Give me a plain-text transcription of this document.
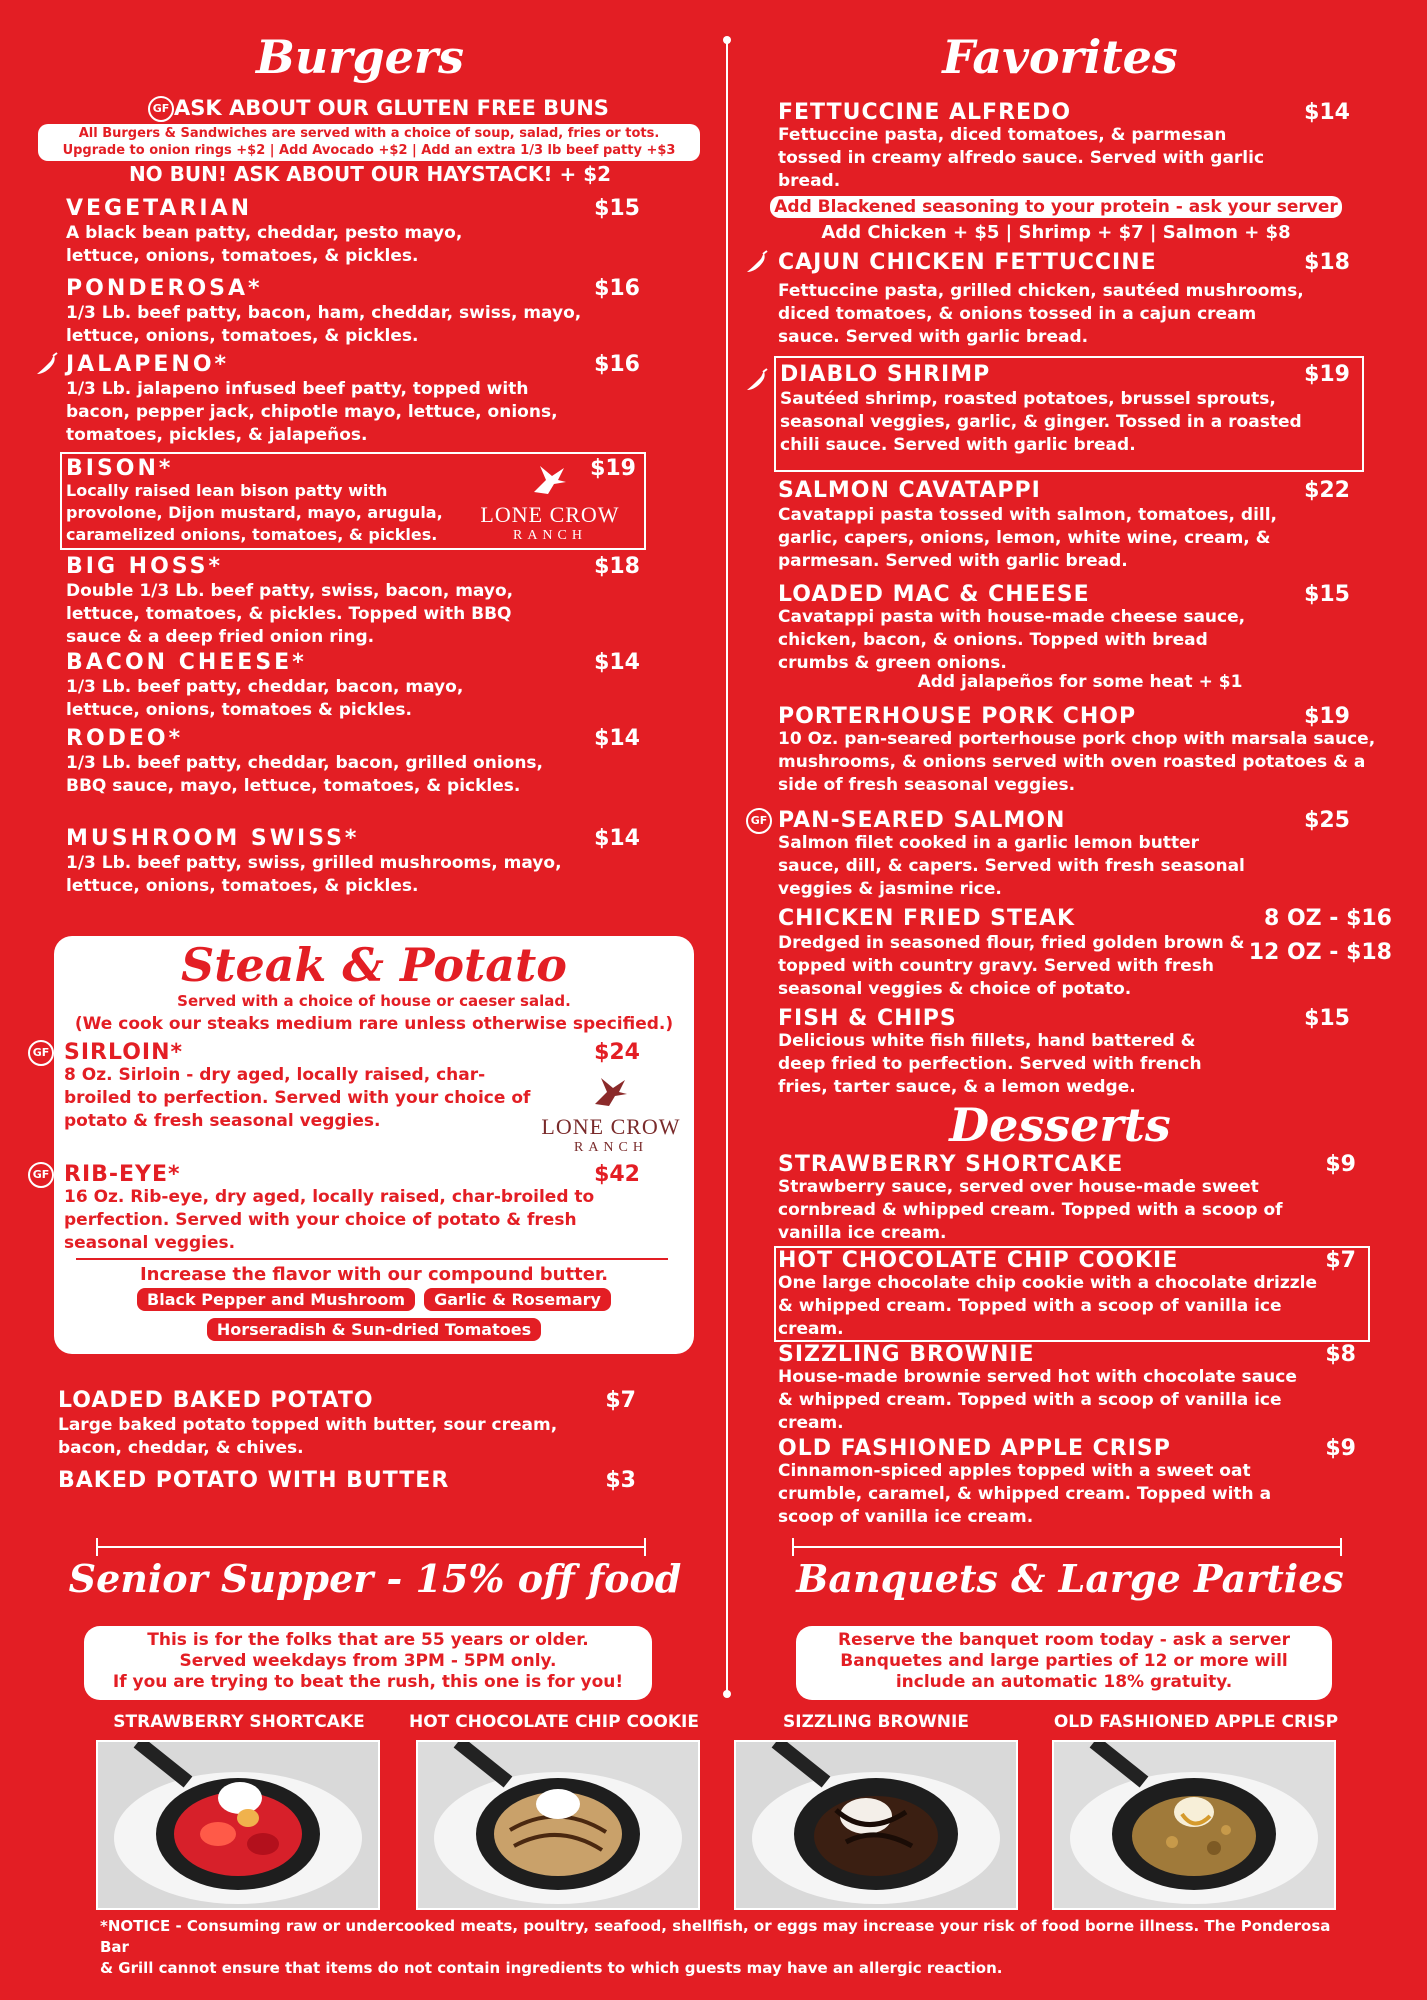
Burgers
GF ASK ABOUT OUR GLUTEN FREE BUNS
All Burgers & Sandwiches are served with a choice of soup, salad, fries or tots.
Upgrade to onion rings +$2 | Add Avocado +$2 | Add an extra 1/3 lb beef patty +$3
NO BUN! ASK ABOUT OUR HAYSTACK! + $2
VEGETARIAN	$15
A black bean patty, cheddar, pesto mayo, lettuce, onions, tomatoes, & pickles.
PONDEROSA*	$16
1/3 Lb. beef patty, bacon, ham, cheddar, swiss, mayo, lettuce, onions, tomatoes, & pickles.
JALAPENO*	$16
1/3 Lb. jalapeno infused beef patty, topped with bacon, pepper jack, chipotle mayo, lettuce, onions, tomatoes, pickles, & jalapeños.
BISON*	$19
Locally raised lean bison patty with provolone, Dijon mustard, mayo, arugula, caramelized onions, tomatoes, & pickles.
LONE CROW
RANCH
BIG HOSS*	$18
Double 1/3 Lb. beef patty, swiss, bacon, mayo, lettuce, tomatoes, & pickles. Topped with BBQ sauce & a deep fried onion ring.
BACON CHEESE*	$14
1/3 Lb. beef patty, cheddar, bacon, mayo, lettuce, onions, tomatoes & pickles.
RODEO*	$14
1/3 Lb. beef patty, cheddar, bacon, grilled onions, BBQ sauce, mayo, lettuce, tomatoes, & pickles.
MUSHROOM SWISS*	$14
1/3 Lb. beef patty, swiss, grilled mushrooms, mayo, lettuce, onions, tomatoes, & pickles.
Steak & Potato
Served with a choice of house or caeser salad.
(We cook our steaks medium rare unless otherwise specified.)
GF SIRLOIN*	$24
8 Oz. Sirloin - dry aged, locally raised, char-broiled to perfection. Served with your choice of potato & fresh seasonal veggies.	LONE CROW
RANCH
GF RIB-EYE*	$42
16 Oz. Rib-eye, dry aged, locally raised, char-broiled to perfection. Served with your choice of potato & fresh seasonal veggies.
Increase the flavor with our compound butter.
Black Pepper and Mushroom Garlic & Rosemary
Horseradish & Sun-dried Tomatoes
LOADED BAKED POTATO	$7
Large baked potato topped with butter, sour cream, bacon, cheddar, & chives.
BAKED POTATO WITH BUTTER	$3
Favorites
FETTUCCINE ALFREDO	$14
Fettuccine pasta, diced tomatoes, & parmesan tossed in creamy alfredo sauce. Served with garlic bread.
Add Blackened seasoning to your protein - ask your server
Add Chicken + $5 | Shrimp + $7 | Salmon + $8
CAJUN CHICKEN FETTUCCINE	$18
Fettuccine pasta, grilled chicken, sautéed mushrooms, diced tomatoes, & onions tossed in a cajun cream sauce. Served with garlic bread.
DIABLO SHRIMP	$19
Sautéed shrimp, roasted potatoes, brussel sprouts, seasonal veggies, garlic, & ginger. Tossed in a roasted chili sauce. Served with garlic bread.
SALMON CAVATAPPI	$22
Cavatappi pasta tossed with salmon, tomatoes, dill, garlic, capers, onions, lemon, white wine, cream, & parmesan. Served with garlic bread.
LOADED MAC & CHEESE	$15
Cavatappi pasta with house-made cheese sauce, chicken, bacon, & onions. Topped with bread crumbs & green onions.
Add jalapeños for some heat + $1
PORTERHOUSE PORK CHOP	$19
10 Oz. pan-seared porterhouse pork chop with marsala sauce, mushrooms, & onions served with oven roasted potatoes & a side of fresh seasonal veggies.
GF PAN-SEARED SALMON	$25
Salmon filet cooked in a garlic lemon butter sauce, dill, & capers. Served with fresh seasonal veggies & jasmine rice.
CHICKEN FRIED STEAK	8 OZ - $16
12 OZ - $18
Dredged in seasoned flour, fried golden brown & topped with country gravy. Served with fresh seasonal veggies & choice of potato.
FISH & CHIPS	$15
Delicious white fish fillets, hand battered & deep fried to perfection. Served with french fries, tarter sauce, & a lemon wedge.
Desserts
STRAWBERRY SHORTCAKE	$9
Strawberry sauce, served over house-made sweet cornbread & whipped cream. Topped with a scoop of vanilla ice cream.
HOT CHOCOLATE CHIP COOKIE	$7
One large chocolate chip cookie with a chocolate drizzle & whipped cream. Topped with a scoop of vanilla ice cream.
SIZZLING BROWNIE	$8
House-made brownie served hot with chocolate sauce & whipped cream. Topped with a scoop of vanilla ice cream.
OLD FASHIONED APPLE CRISP	$9
Cinnamon-spiced apples topped with a sweet oat crumble, caramel, & whipped cream. Topped with a scoop of vanilla ice cream.
Senior Supper - 15% off food
This is for the folks that are 55 years or older.
Served weekdays from 3PM - 5PM only.
If you are trying to beat the rush, this one is for you!
Banquets & Large Parties
Reserve the banquet room today - ask a server
Banquetes and large parties of 12 or more will
include an automatic 18% gratuity.
STRAWBERRY SHORTCAKE	HOT CHOCOLATE CHIP COOKIE	SIZZLING BROWNIE	OLD FASHIONED APPLE CRISP
*NOTICE - Consuming raw or undercooked meats, poultry, seafood, shellfish, or eggs may increase your risk of food borne illness. The Ponderosa Bar
& Grill cannot ensure that items do not contain ingredients to which guests may have an allergic reaction.
